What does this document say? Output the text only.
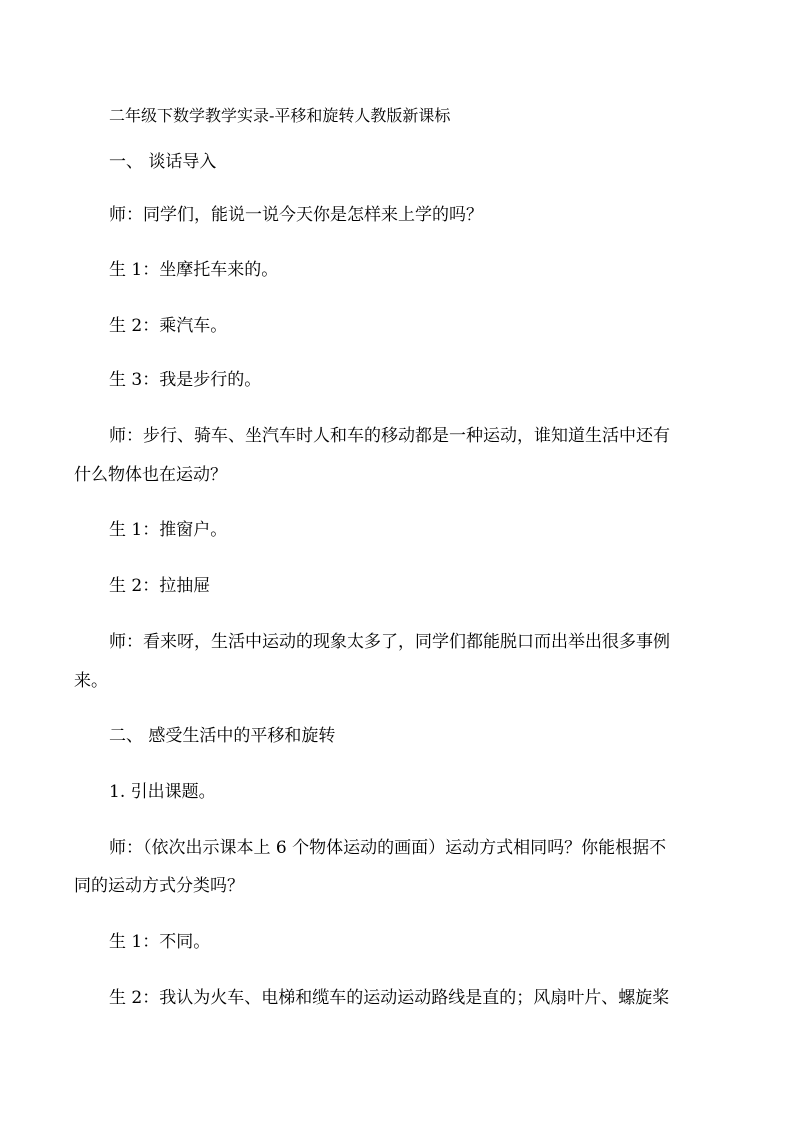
二年级下数学教学实录-平移和旋转人教版新课标
一、 谈话导入
师：同学们，能说一说今天你是怎样来上学的吗？
生 1：坐摩托车来的。
生 2：乘汽车。
生 3：我是步行的。
师：步行、骑车、坐汽车时人和车的移动都是一种运动，谁知道生活中还有
什么物体也在运动？
生 1：推窗户。
生 2：拉抽屉
师：看来呀，生活中运动的现象太多了，同学们都能脱口而出举出很多事例
来。
二、 感受生活中的平移和旋转
1. 引出课题。
师：（依次出示课本上 6 个物体运动的画面）运动方式相同吗？你能根据不
同的运动方式分类吗？
生 1：不同。
生 2：我认为火车、电梯和缆车的运动运动路线是直的；风扇叶片、螺旋桨
